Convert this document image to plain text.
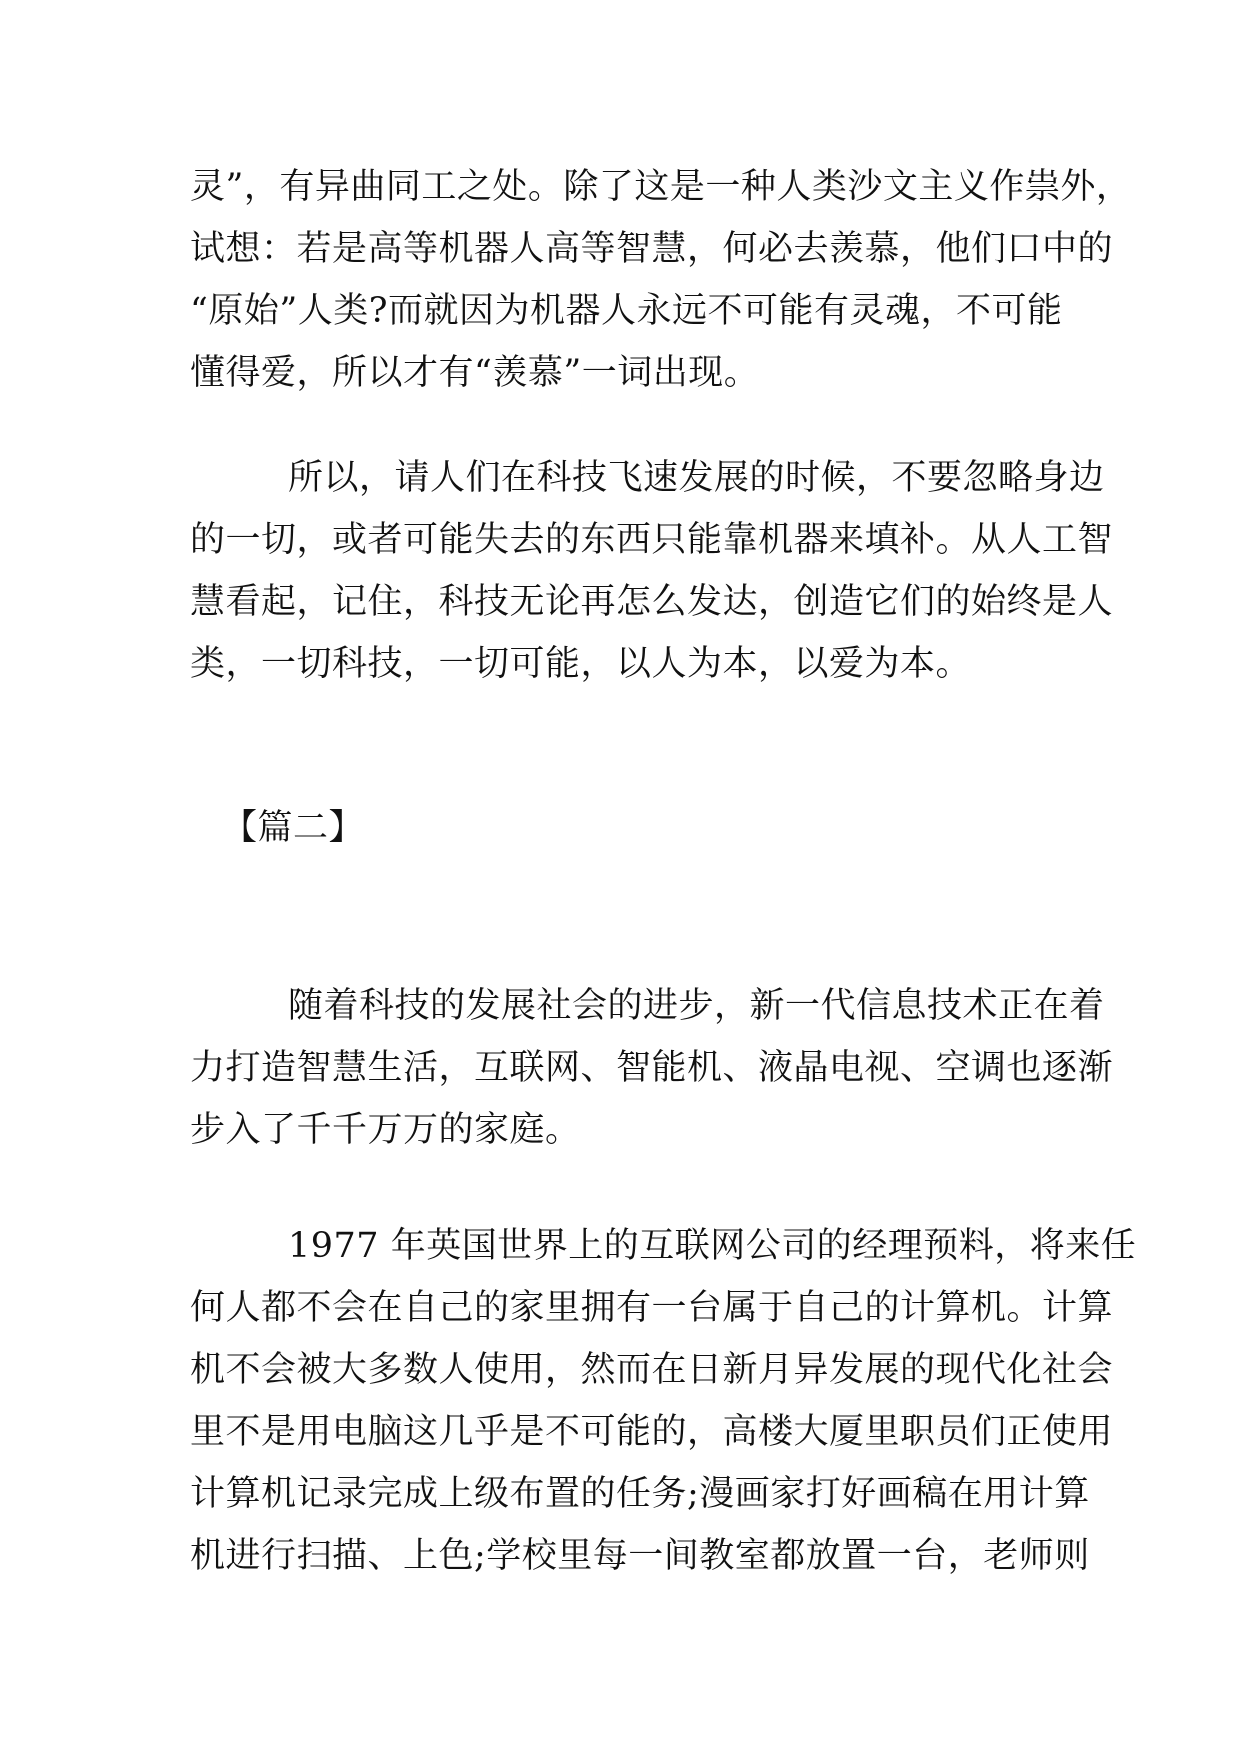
灵”，有异曲同工之处。除了这是一种人类沙文主义作祟外，
试想：若是高等机器人高等智慧，何必去羡慕，他们口中的
“原始”人类?而就因为机器人永远不可能有灵魂，不可能
懂得爱，所以才有“羡慕”一词出现。

所以，请人们在科技飞速发展的时候，不要忽略身边
的一切，或者可能失去的东西只能靠机器来填补。从人工智
慧看起，记住，科技无论再怎么发达，创造它们的始终是人
类，一切科技，一切可能，以人为本，以爱为本。

【篇二】

随着科技的发展社会的进步，新一代信息技术正在着
力打造智慧生活，互联网、智能机、液晶电视、空调也逐渐
步入了千千万万的家庭。

1977 年英国世界上的互联网公司的经理预料，将来任
何人都不会在自己的家里拥有一台属于自己的计算机。计算
机不会被大多数人使用，然而在日新月异发展的现代化社会
里不是用电脑这几乎是不可能的，高楼大厦里职员们正使用
计算机记录完成上级布置的任务;漫画家打好画稿在用计算
机进行扫描、上色;学校里每一间教室都放置一台，老师则
